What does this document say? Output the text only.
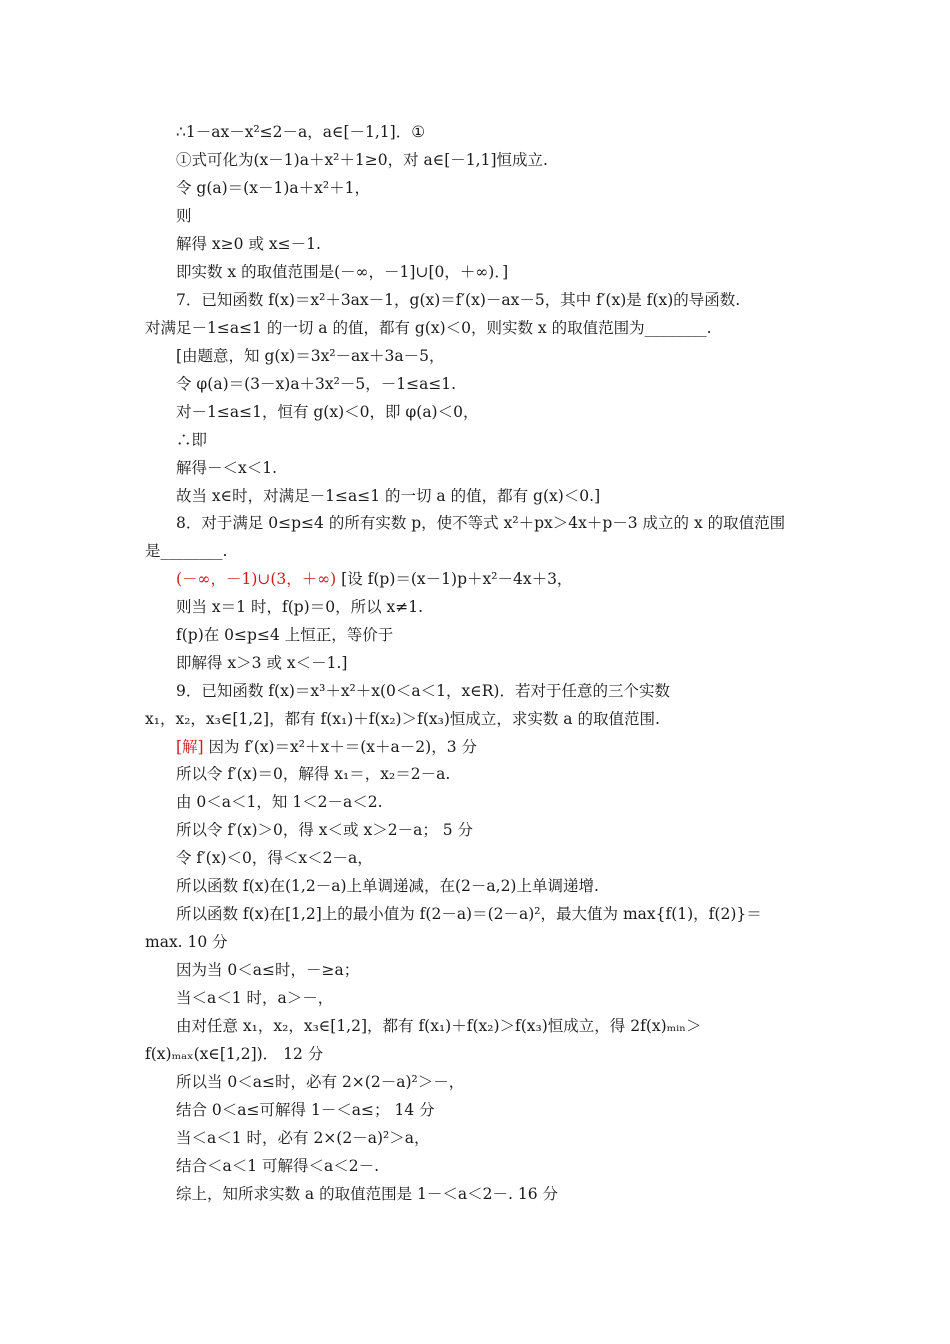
∴1－ax－x²≤2－a，a∈[－1,1]．①
①式可化为(x－1)a＋x²＋1≥0，对 a∈[－1,1]恒成立.
令 g(a)＝(x－1)a＋x²＋1，
则
解得 x≥0 或 x≤－1.
即实数 x 的取值范围是(－∞，－1]∪[0，＋∞)．]
7．已知函数 f(x)＝x²＋3ax－1，g(x)＝f′(x)－ax－5，其中 f′(x)是 f(x)的导函数.
对满足－1≤a≤1 的一切 a 的值，都有 g(x)＜0，则实数 x 的取值范围为________.
[由题意，知 g(x)＝3x²－ax＋3a－5，
令 φ(a)＝(3－x)a＋3x²－5，－1≤a≤1.
对－1≤a≤1，恒有 g(x)＜0，即 φ(a)＜0，
∴即
解得－＜x＜1.
故当 x∈时，对满足－1≤a≤1 的一切 a 的值，都有 g(x)＜0.]
8．对于满足 0≤p≤4 的所有实数 p，使不等式 x²＋px＞4x＋p－3 成立的 x 的取值范围
是________.
(－∞，－1)∪(3，＋∞) [设 f(p)＝(x－1)p＋x²－4x＋3，
则当 x＝1 时，f(p)＝0，所以 x≠1.
f(p)在 0≤p≤4 上恒正，等价于
即解得 x＞3 或 x＜－1.]
9．已知函数 f(x)＝x³＋x²＋x(0＜a＜1，x∈R)．若对于任意的三个实数
x₁，x₂，x₃∈[1,2]，都有 f(x₁)＋f(x₂)＞f(x₃)恒成立，求实数 a 的取值范围.
[解] 因为 f′(x)＝x²＋x＋＝(x＋a－2)，3 分
所以令 f′(x)＝0，解得 x₁＝，x₂＝2－a.
由 0＜a＜1，知 1＜2－a＜2.
所以令 f′(x)＞0，得 x＜或 x＞2－a； 5 分
令 f′(x)＜0，得＜x＜2－a，
所以函数 f(x)在(1,2－a)上单调递减，在(2－a,2)上单调递增.
所以函数 f(x)在[1,2]上的最小值为 f(2－a)＝(2－a)²，最大值为 max{f(1)，f(2)}＝
max. 10 分
因为当 0＜a≤时，－≥a；
当＜a＜1 时，a＞－，
由对任意 x₁，x₂，x₃∈[1,2]，都有 f(x₁)＋f(x₂)＞f(x₃)恒成立，得 2f(x)ₘᵢₙ＞
f(x)ₘₐₓ(x∈[1,2])． 12 分
所以当 0＜a≤时，必有 2×(2－a)²＞－，
结合 0＜a≤可解得 1－＜a≤； 14 分
当＜a＜1 时，必有 2×(2－a)²＞a，
结合＜a＜1 可解得＜a＜2－.
综上，知所求实数 a 的取值范围是 1－＜a＜2－. 16 分
